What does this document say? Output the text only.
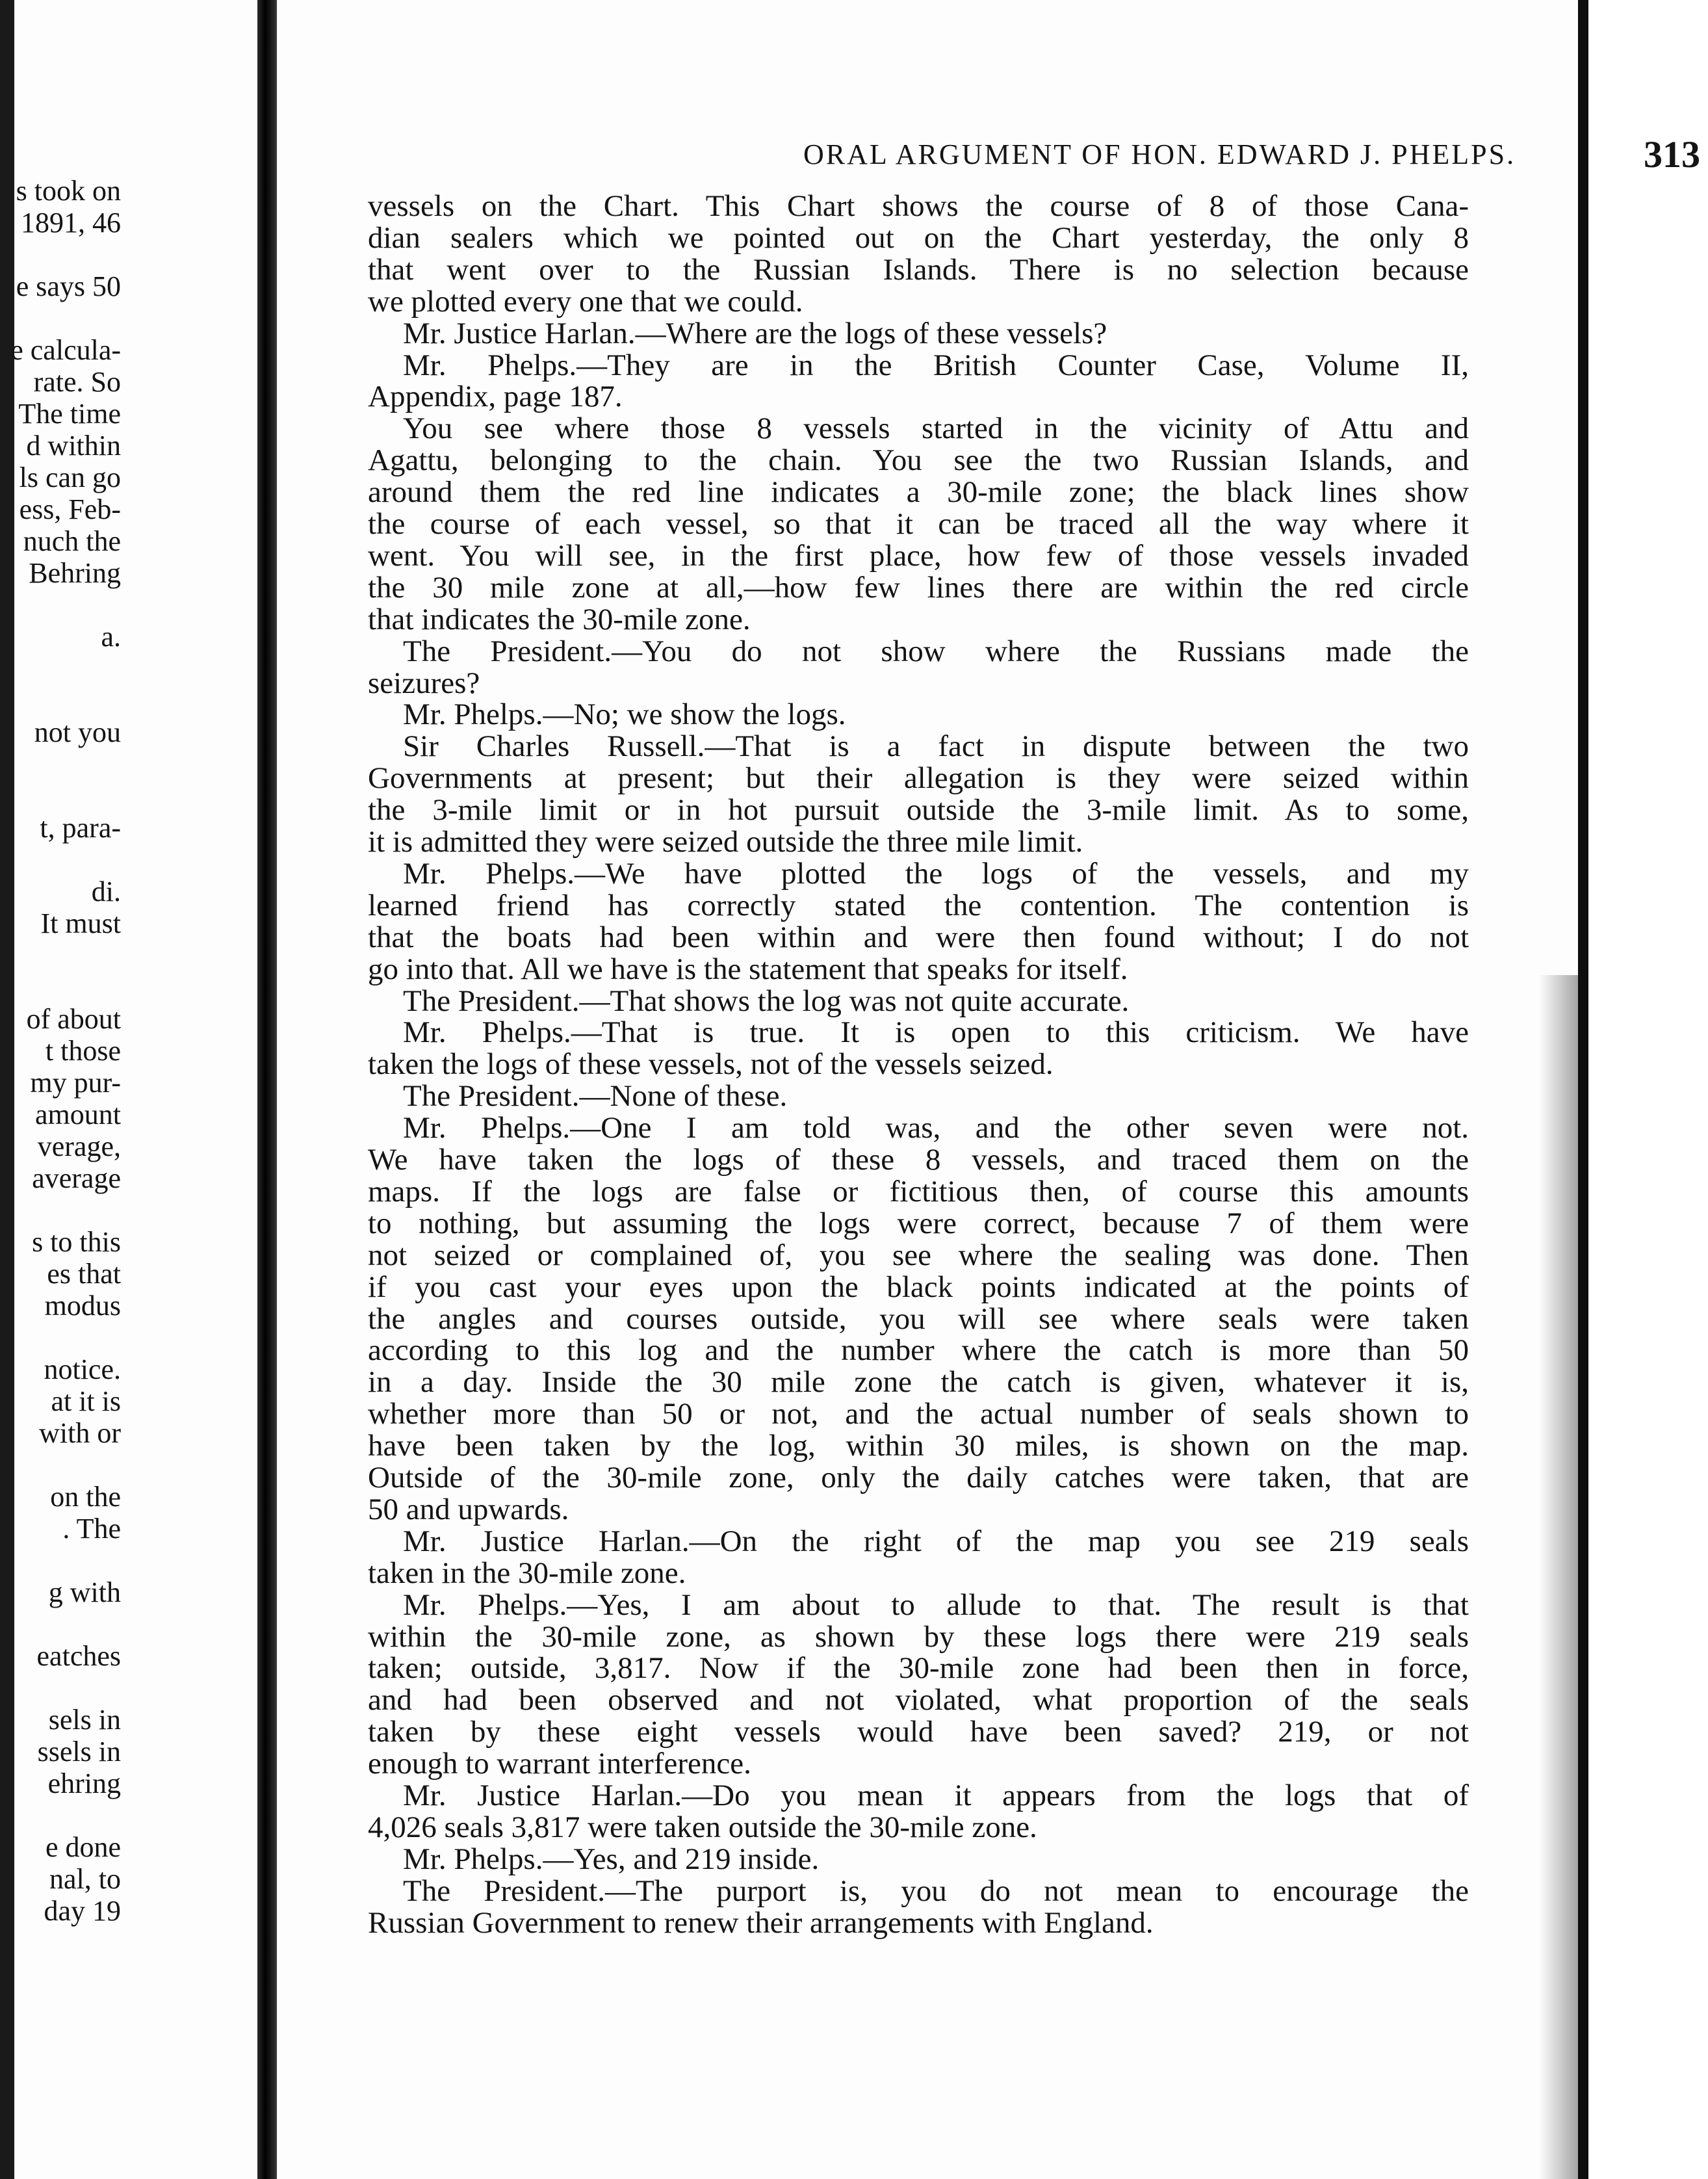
s took on
1891, 46
e says 50
e calcula-
rate. So
The time
d within
ls can go
ess, Feb-
nuch the
Behring
a.
not you
t, para-
di.
It must
of about
t those
my pur-
amount
verage,
average
s to this
es that
modus
notice.
at it is
with or
on the
. The
g with
eatches
sels in
ssels in
ehring
e done
nal, to
day 19
ORAL ARGUMENT OF HON. EDWARD J. PHELPS.	313
vessels on the Chart. This Chart shows the course of 8 of those Cana-
dian sealers which we pointed out on the Chart yesterday, the only 8
that went over to the Russian Islands. There is no selection because
we plotted every one that we could.
Mr. Justice Harlan.—Where are the logs of these vessels?
Mr. Phelps.—They are in the British Counter Case, Volume II,
Appendix, page 187.
You see where those 8 vessels started in the vicinity of Attu and
Agattu, belonging to the chain. You see the two Russian Islands, and
around them the red line indicates a 30-mile zone; the black lines show
the course of each vessel, so that it can be traced all the way where it
went. You will see, in the first place, how few of those vessels invaded
the 30 mile zone at all,—how few lines there are within the red circle
that indicates the 30-mile zone.
The President.—You do not show where the Russians made the
seizures?
Mr. Phelps.—No; we show the logs.
Sir Charles Russell.—That is a fact in dispute between the two
Governments at present; but their allegation is they were seized within
the 3-mile limit or in hot pursuit outside the 3-mile limit. As to some,
it is admitted they were seized outside the three mile limit.
Mr. Phelps.—We have plotted the logs of the vessels, and my
learned friend has correctly stated the contention. The contention is
that the boats had been within and were then found without; I do not
go into that. All we have is the statement that speaks for itself.
The President.—That shows the log was not quite accurate.
Mr. Phelps.—That is true. It is open to this criticism. We have
taken the logs of these vessels, not of the vessels seized.
The President.—None of these.
Mr. Phelps.—One I am told was, and the other seven were not.
We have taken the logs of these 8 vessels, and traced them on the
maps. If the logs are false or fictitious then, of course this amounts
to nothing, but assuming the logs were correct, because 7 of them were
not seized or complained of, you see where the sealing was done. Then
if you cast your eyes upon the black points indicated at the points of
the angles and courses outside, you will see where seals were taken
according to this log and the number where the catch is more than 50
in a day. Inside the 30 mile zone the catch is given, whatever it is,
whether more than 50 or not, and the actual number of seals shown to
have been taken by the log, within 30 miles, is shown on the map.
Outside of the 30-mile zone, only the daily catches were taken, that are
50 and upwards.
Mr. Justice Harlan.—On the right of the map you see 219 seals
taken in the 30-mile zone.
Mr. Phelps.—Yes, I am about to allude to that. The result is that
within the 30-mile zone, as shown by these logs there were 219 seals
taken; outside, 3,817. Now if the 30-mile zone had been then in force,
and had been observed and not violated, what proportion of the seals
taken by these eight vessels would have been saved? 219, or not
enough to warrant interference.
Mr. Justice Harlan.—Do you mean it appears from the logs that of
4,026 seals 3,817 were taken outside the 30-mile zone.
Mr. Phelps.—Yes, and 219 inside.
The President.—The purport is, you do not mean to encourage the
Russian Government to renew their arrangements with England.
